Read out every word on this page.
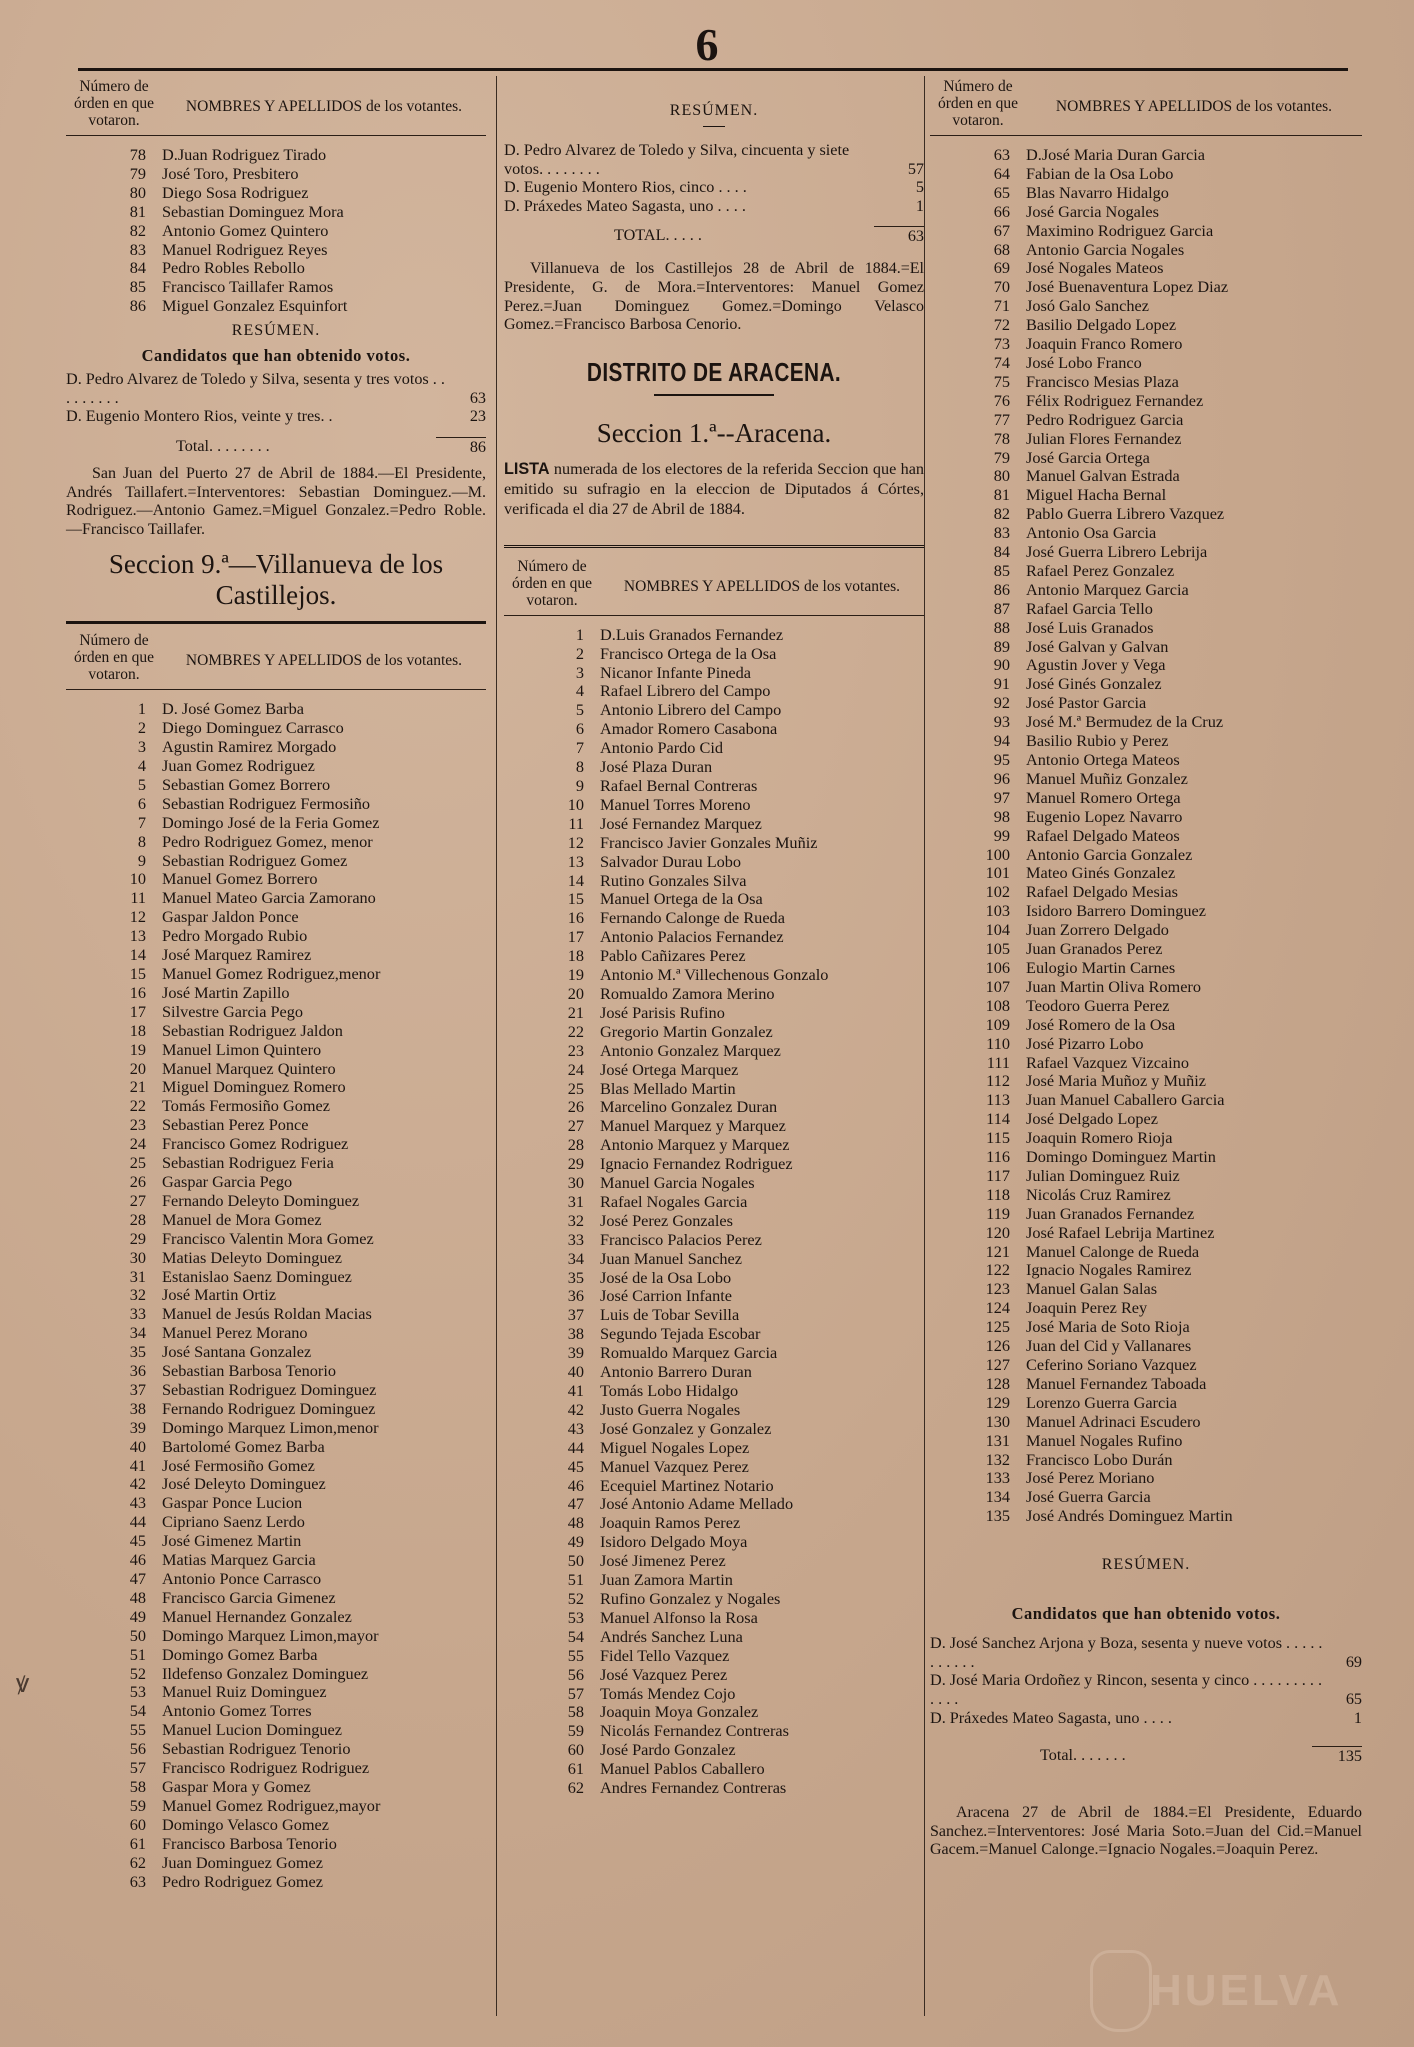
6
Número de órden en que votaron.
NOMBRES Y APELLIDOS de los votantes.
78 D.Juan Rodriguez Tirado
79 José Toro, Presbitero
80 Diego Sosa Rodriguez
81 Sebastian Dominguez Mora
82 Antonio Gomez Quintero
83 Manuel Rodriguez Reyes
84 Pedro Robles Rebollo
85 Francisco Taillafer Ramos
86 Miguel Gonzalez Esquinfort
RESÚMEN.
Candidatos que han obtenido votos.
D. Pedro Alvarez de Toledo y Silva, sesenta y tres votos . . . . . . . . .	63
D. Eugenio Montero Rios, veinte y tres. .	23
Total. . . . . . . .	86

San Juan del Puerto 27 de Abril de 1884.—El Presidente, Andrés Taillafert.=Interventores: Sebastian Dominguez.—M. Rodriguez.—Antonio Gamez.=Miguel Gonzalez.=Pedro Roble.—Francisco Taillafer.

Seccion 9.ª—Villanueva de los Castillejos.
Número de órden en que votaron.
NOMBRES Y APELLIDOS de los votantes.
1 D. José Gomez Barba
2 Diego Dominguez Carrasco
3 Agustin Ramirez Morgado
4 Juan Gomez Rodriguez
5 Sebastian Gomez Borrero
6 Sebastian Rodriguez Fermosiño
7 Domingo José de la Feria Gomez
8 Pedro Rodriguez Gomez, menor
9 Sebastian Rodriguez Gomez
10 Manuel Gomez Borrero
11 Manuel Mateo Garcia Zamorano
12 Gaspar Jaldon Ponce
13 Pedro Morgado Rubio
14 José Marquez Ramirez
15 Manuel Gomez Rodriguez,menor
16 José Martin Zapillo
17 Silvestre Garcia Pego
18 Sebastian Rodriguez Jaldon
19 Manuel Limon Quintero
20 Manuel Marquez Quintero
21 Miguel Dominguez Romero
22 Tomás Fermosiño Gomez
23 Sebastian Perez Ponce
24 Francisco Gomez Rodriguez
25 Sebastian Rodriguez Feria
26 Gaspar Garcia Pego
27 Fernando Deleyto Dominguez
28 Manuel de Mora Gomez
29 Francisco Valentin Mora Gomez
30 Matias Deleyto Dominguez
31 Estanislao Saenz Dominguez
32 José Martin Ortiz
33 Manuel de Jesús Roldan Macias
34 Manuel Perez Morano
35 José Santana Gonzalez
36 Sebastian Barbosa Tenorio
37 Sebastian Rodriguez Dominguez
38 Fernando Rodriguez Dominguez
39 Domingo Marquez Limon,menor
40 Bartolomé Gomez Barba
41 José Fermosiño Gomez
42 José Deleyto Dominguez
43 Gaspar Ponce Lucion
44 Cipriano Saenz Lerdo
45 José Gimenez Martin
46 Matias Marquez Garcia
47 Antonio Ponce Carrasco
48 Francisco Garcia Gimenez
49 Manuel Hernandez Gonzalez
50 Domingo Marquez Limon,mayor
51 Domingo Gomez Barba
52 Ildefenso Gonzalez Dominguez
53 Manuel Ruiz Dominguez
54 Antonio Gomez Torres
55 Manuel Lucion Dominguez
56 Sebastian Rodriguez Tenorio
57 Francisco Rodriguez Rodriguez
58 Gaspar Mora y Gomez
59 Manuel Gomez Rodriguez,mayor
60 Domingo Velasco Gomez
61 Francisco Barbosa Tenorio
62 Juan Dominguez Gomez
63 Pedro Rodriguez Gomez
RESÚMEN.
D. Pedro Alvarez de Toledo y Silva, cincuenta y siete votos. . . . . . . .	57
D. Eugenio Montero Rios, cinco . . . .	5
D. Práxedes Mateo Sagasta, uno . . . .	1
TOTAL. . . . .	63

Villanueva de los Castillejos 28 de Abril de 1884.=El Presidente, G. de Mora.=Interventores: Manuel Gomez Perez.=Juan Dominguez Gomez.=Domingo Velasco Gomez.=Francisco Barbosa Cenorio.

DISTRITO DE ARACENA.
Seccion 1.ª--Aracena.

LISTA numerada de los electores de la referida Seccion que han emitido su sufragio en la eleccion de Diputados á Córtes, verificada el dia 27 de Abril de 1884.

Número de órden en que votaron.
NOMBRES Y APELLIDOS de los votantes.
1 D.Luis Granados Fernandez
2 Francisco Ortega de la Osa
3 Nicanor Infante Pineda
4 Rafael Librero del Campo
5 Antonio Librero del Campo
6 Amador Romero Casabona
7 Antonio Pardo Cid
8 José Plaza Duran
9 Rafael Bernal Contreras
10 Manuel Torres Moreno
11 José Fernandez Marquez
12 Francisco Javier Gonzales Muñiz
13 Salvador Durau Lobo
14 Rutino Gonzales Silva
15 Manuel Ortega de la Osa
16 Fernando Calonge de Rueda
17 Antonio Palacios Fernandez
18 Pablo Cañizares Perez
19 Antonio M.ª Villechenous Gonzalo
20 Romualdo Zamora Merino
21 José Parisis Rufino
22 Gregorio Martin Gonzalez
23 Antonio Gonzalez Marquez
24 José Ortega Marquez
25 Blas Mellado Martin
26 Marcelino Gonzalez Duran
27 Manuel Marquez y Marquez
28 Antonio Marquez y Marquez
29 Ignacio Fernandez Rodriguez
30 Manuel Garcia Nogales
31 Rafael Nogales Garcia
32 José Perez Gonzales
33 Francisco Palacios Perez
34 Juan Manuel Sanchez
35 José de la Osa Lobo
36 José Carrion Infante
37 Luis de Tobar Sevilla
38 Segundo Tejada Escobar
39 Romualdo Marquez Garcia
40 Antonio Barrero Duran
41 Tomás Lobo Hidalgo
42 Justo Guerra Nogales
43 José Gonzalez y Gonzalez
44 Miguel Nogales Lopez
45 Manuel Vazquez Perez
46 Ecequiel Martinez Notario
47 José Antonio Adame Mellado
48 Joaquin Ramos Perez
49 Isidoro Delgado Moya
50 José Jimenez Perez
51 Juan Zamora Martin
52 Rufino Gonzalez y Nogales
53 Manuel Alfonso la Rosa
54 Andrés Sanchez Luna
55 Fidel Tello Vazquez
56 José Vazquez Perez
57 Tomás Mendez Cojo
58 Joaquin Moya Gonzalez
59 Nicolás Fernandez Contreras
60 José Pardo Gonzalez
61 Manuel Pablos Caballero
62 Andres Fernandez Contreras
Número de órden en que votaron.
NOMBRES Y APELLIDOS de los votantes.
63 D.José Maria Duran Garcia
64 Fabian de la Osa Lobo
65 Blas Navarro Hidalgo
66 José Garcia Nogales
67 Maximino Rodriguez Garcia
68 Antonio Garcia Nogales
69 José Nogales Mateos
70 José Buenaventura Lopez Diaz
71 Josó Galo Sanchez
72 Basilio Delgado Lopez
73 Joaquin Franco Romero
74 José Lobo Franco
75 Francisco Mesias Plaza
76 Félix Rodriguez Fernandez
77 Pedro Rodriguez Garcia
78 Julian Flores Fernandez
79 José Garcia Ortega
80 Manuel Galvan Estrada
81 Miguel Hacha Bernal
82 Pablo Guerra Librero Vazquez
83 Antonio Osa Garcia
84 José Guerra Librero Lebrija
85 Rafael Perez Gonzalez
86 Antonio Marquez Garcia
87 Rafael Garcia Tello
88 José Luis Granados
89 José Galvan y Galvan
90 Agustin Jover y Vega
91 José Ginés Gonzalez
92 José Pastor Garcia
93 José M.ª Bermudez de la Cruz
94 Basilio Rubio y Perez
95 Antonio Ortega Mateos
96 Manuel Muñiz Gonzalez
97 Manuel Romero Ortega
98 Eugenio Lopez Navarro
99 Rafael Delgado Mateos
100 Antonio Garcia Gonzalez
101 Mateo Ginés Gonzalez
102 Rafael Delgado Mesias
103 Isidoro Barrero Dominguez
104 Juan Zorrero Delgado
105 Juan Granados Perez
106 Eulogio Martin Carnes
107 Juan Martin Oliva Romero
108 Teodoro Guerra Perez
109 José Romero de la Osa
110 José Pizarro Lobo
111 Rafael Vazquez Vizcaino
112 José Maria Muñoz y Muñiz
113 Juan Manuel Caballero Garcia
114 José Delgado Lopez
115 Joaquin Romero Rioja
116 Domingo Dominguez Martin
117 Julian Dominguez Ruiz
118 Nicolás Cruz Ramirez
119 Juan Granados Fernandez
120 José Rafael Lebrija Martinez
121 Manuel Calonge de Rueda
122 Ignacio Nogales Ramirez
123 Manuel Galan Salas
124 Joaquin Perez Rey
125 José Maria de Soto Rioja
126 Juan del Cid y Vallanares
127 Ceferino Soriano Vazquez
128 Manuel Fernandez Taboada
129 Lorenzo Guerra Garcia
130 Manuel Adrinaci Escudero
131 Manuel Nogales Rufino
132 Francisco Lobo Durán
133 José Perez Moriano
134 José Guerra Garcia
135 José Andrés Dominguez Martin
RESÚMEN.
Candidatos que han obtenido votos.
D. José Sanchez Arjona y Boza, sesenta y nueve votos . . . . . . . . . . .	69
D. José Maria Ordoñez y Rincon, sesenta y cinco . . . . . . . . . . . . .	65
D. Práxedes Mateo Sagasta, uno . . . .	1
Total. . . . . . .	135

Aracena 27 de Abril de 1884.=El Presidente, Eduardo Sanchez.=Interventores: José Maria Soto.=Juan del Cid.=Manuel Gacem.=Manuel Calonge.=Ignacio Nogales.=Joaquin Perez.

ꝟ
HUELVA
